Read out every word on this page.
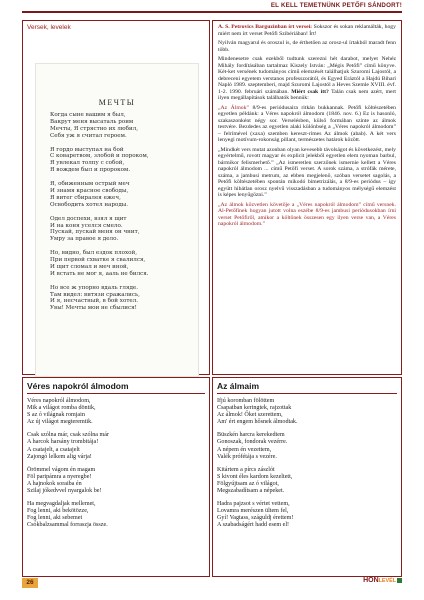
EL KELL TEMETNÜNK PETŐFI SÁNDORT!
Versek, levelek
МЕЧТЫ
Когда сыне вашим я был,
Вакрут меня высаталь роим
Мечты, Я стрястно их любил,
Себя уж я считал героем.

Я гордо выступал на бой
С коваретвом, злобой и пороком,
Я увлекал толпу с собой,
Я вождем был и пророком.

Я, обиженным острый меч
И знамя красное свободы,
Я витег сбиралея ежеч,
Освободить хотел народы.

Одел доспехи, взял я щит
И на коня уселся смело.
Пускай, пускай меня он чнит,
Умру за правое я дело.

Но, видно, был ездок плохой,
При первой схватке я свалился,
И щит сломал и меч иной,
И встать не мог я, ааль не бился.

Но все ж упорно вдаль гляде.
Там видел: витязи сражались,
И я, несчастный, в бой хотел.
Увы! Мечты мои не сбылися!

A. S. Petrovics Barguzinban írt versei: Sokszor és sokan reklamálták, hogy miért nem írt verset Petőfi Szibériában! Írt!

Nyilván magyarul és oroszul is, de érthetően az orosz-ul írtakból maradt fenn több.

Mindenesetre csak ezekből tudtunk szerezni hét darabot, melyet Nehéz Mihály fordításában tartalmaz Kiszely István: „Mégis Petőfi” című könyve. Két-ket versének tudományos című elemzését találhatjuk Szuromi Lajostól, a debreceni egyetem verstanos professzorától, és Egyed Eráztól a Hajdú Bihari Napló 1989. szeptemberi, majd Szuromi Lajostól a Heves Szemle XVIII. évf. 1-2. 1990. februári számában. Miért csak itt? Talán csak nem azért, mert ilyen megállapítások találhatók bennük:

„Az Álmok” 8/9-es periódusaira ritkán bukkannak. Petőfi költészetében egyetlen példánk: a Véres napokról álmodom (1846. nov. 6.) Ez is hasonló, szakaszonként négy sor. Verselésben, külső formában szinte az álmok testvére. Bezdedes az egyetlen alaki különbség a „Véres napokról álmodom” – felrímével (xaxa) szemben kereszt-rímes Az álmok (abab). A két vers lenyegi motívum-rokonság pillant, természetes határok között.

„Mindkét vers mutat azonban olyan kevesebb távolságot és következést, mely egyértelmű, rovott magyar és explicit jelekből egyetlen elem nyoman barbul, bármikor felismerhető.” „Az ismeretlen szerzőnek ismernie kellett a Véres napokról álmodom ... című Petőfi verset. A sorok száma, a strófák mérete, száma, a jambusi metrum, az ebben megjelenő, szóban versetet sagolás, a Petőfi költészetében spontán mikodó bimetrizálás, a 8/9-es periódus – így együtt hibátlan orosz nyelvű visszadásban a tudományos mélységű elemzést is képes lenyűgözni.”

„Az álmok közvetlen követője a „Véres napokról álmodom” című versnek. Al-Petőfinek hogyan jutott volna eszébe 8/9-es jambusi periódusokban írni verset Petőfiről, amikor a költőnek összesen egy ilyen verse van, a Véres napokról álmodom.”

Véres napokról álmodom
Véres napokról álmodom,
Mik a világot romba döntik,
S az ó világnak romjain
Az új világot megteremtik.
Csak szólna már, csak szólna már
A harcok harsány trombitája!
A csatajelt, a csatajelt
Zajongó lelkem alig várja!
Örömmel vágom én magam
Föl paripámra a nyeregbe!
A hajnokok soraiba én
Szilaj jókedvvel nyargalok be!
Ha megvagdaljak mellemet,
Fog lenni, aki bekötözze,
Fog lenni, aki sebemet
Csókbalzsammal forraszja össze.
Az álmaim
Ifjú koromban fölöttem
Csapatban keringtek, rajzottak
Az álmok! Őket szerettem,
Am' ért engem hősnek álmodtak.
Büszkén harcra kerekedtem
Gonoszak, fondorak vezérre.
A népem én vezettem,
Valék prófétája s vezére.
Kitártem a pírcs zászlót
S kivont éles kardom kezeltett,
Fölgyújtsam az ó világot,
Megszabadítsam a népeket.
Hadra pajzsot s vértet vettem,
Lovamra merészen ültem fel,
Gyí! Vagtass, száguldj érettem!
A szabadságért hadd esem el!
26	HONLEVÉL
